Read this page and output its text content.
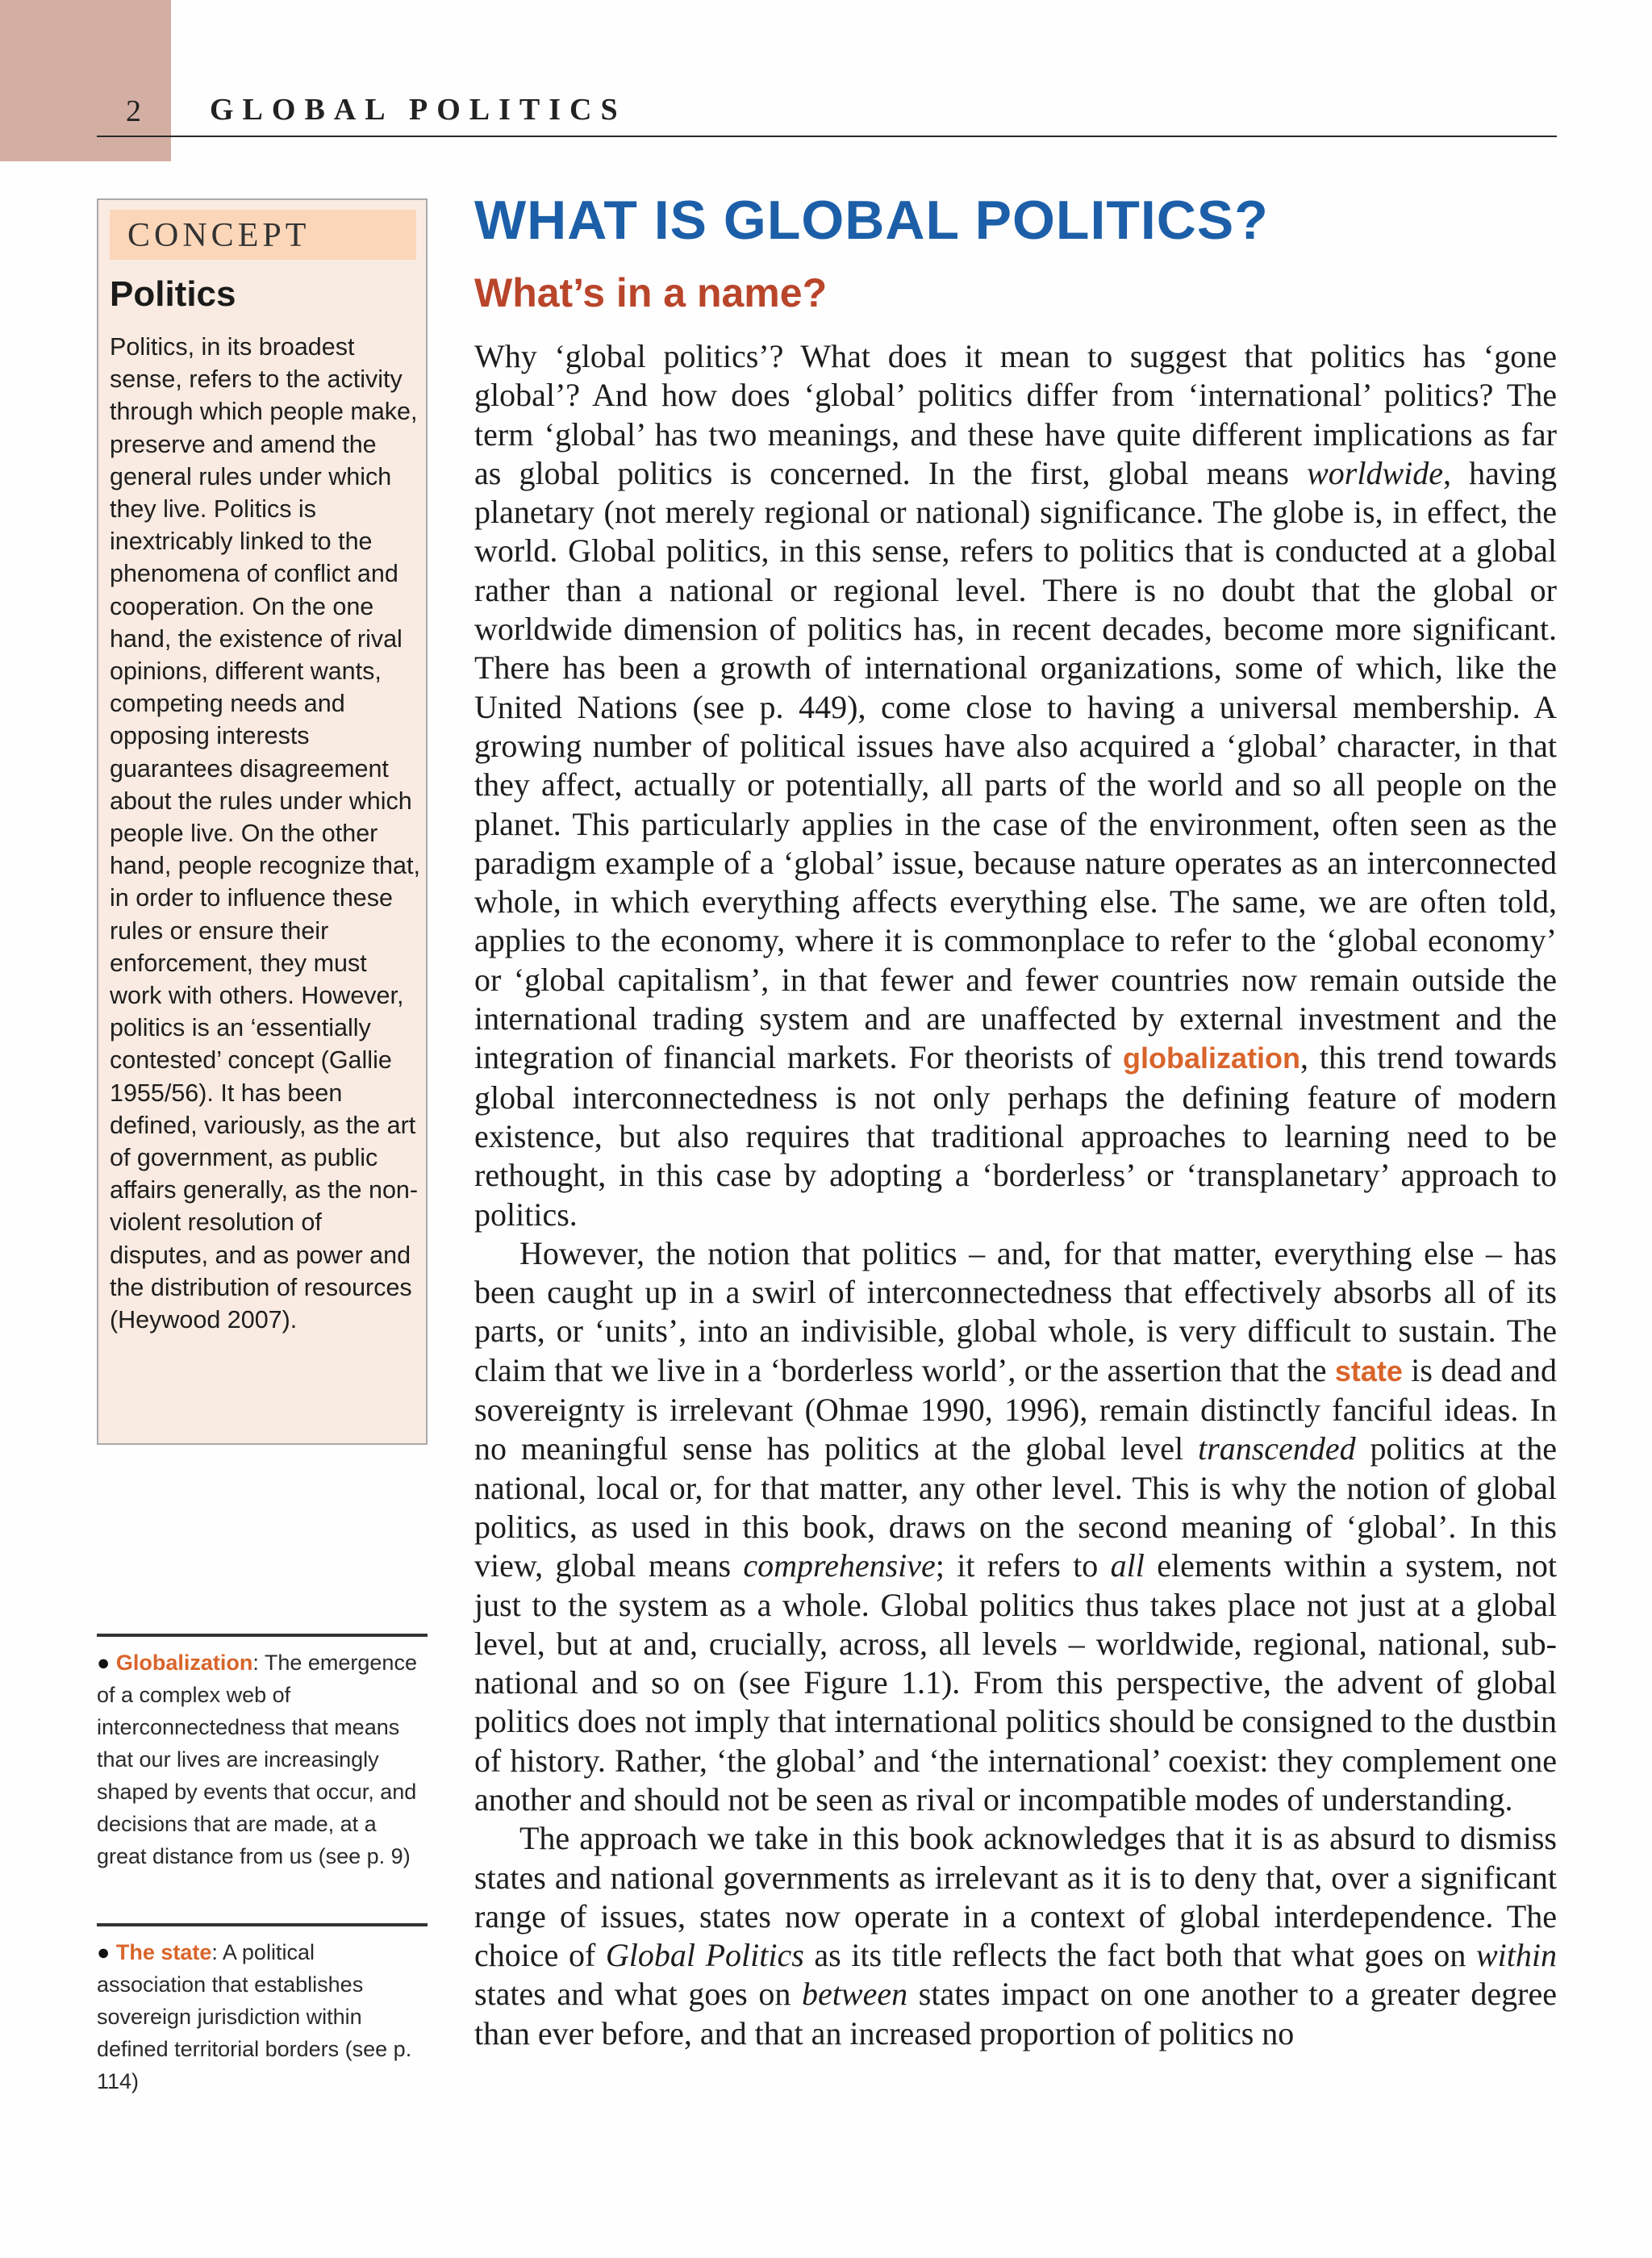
2 GLOBAL POLITICS
CONCEPT
Politics
Politics, in its broadest sense, refers to the activity through which people make, preserve and amend the general rules under which they live. Politics is inextricably linked to the phenomena of conflict and cooperation. On the one hand, the existence of rival opinions, different wants, competing needs and opposing interests guarantees disagreement about the rules under which people live. On the other hand, people recognize that, in order to influence these rules or ensure their enforcement, they must work with others. However, politics is an ‘essentially contested’ concept (Gallie 1955/56). It has been defined, variously, as the art of government, as public affairs generally, as the non-violent resolution of disputes, and as power and the distribution of resources (Heywood 2007).
● Globalization: The emergence of a complex web of interconnectedness that means that our lives are increasingly shaped by events that occur, and decisions that are made, at a great distance from us (see p. 9)
● The state: A political association that establishes sovereign jurisdiction within defined territorial borders (see p. 114)
WHAT IS GLOBAL POLITICS?
What’s in a name?

Why ‘global politics’? What does it mean to suggest that politics has ‘gone global’? And how does ‘global’ politics differ from ‘international’ politics? The term ‘global’ has two meanings, and these have quite different implications as far as global politics is concerned. In the first, global means worldwide, having planetary (not merely regional or national) significance. The globe is, in effect, the world. Global politics, in this sense, refers to politics that is conducted at a global rather than a national or regional level. There is no doubt that the global or worldwide dimension of politics has, in recent decades, become more significant. There has been a growth of international organizations, some of which, like the United Nations (see p. 449), come close to having a universal membership. A growing number of political issues have also acquired a ‘global’ character, in that they affect, actually or potentially, all parts of the world and so all people on the planet. This particularly applies in the case of the environment, often seen as the paradigm example of a ‘global’ issue, because nature operates as an interconnected whole, in which everything affects everything else. The same, we are often told, applies to the economy, where it is commonplace to refer to the ‘global economy’ or ‘global capitalism’, in that fewer and fewer countries now remain outside the international trading system and are unaffected by external investment and the integration of financial markets. For theorists of globalization, this trend towards global interconnectedness is not only perhaps the defining feature of modern existence, but also requires that traditional approaches to learning need to be rethought, in this case by adopting a ‘borderless’ or ‘transplanetary’ approach to politics.

However, the notion that politics – and, for that matter, everything else – has been caught up in a swirl of interconnectedness that effectively absorbs all of its parts, or ‘units’, into an indivisible, global whole, is very difficult to sustain. The claim that we live in a ‘borderless world’, or the assertion that the state is dead and sovereignty is irrelevant (Ohmae 1990, 1996), remain distinctly fanciful ideas. In no meaningful sense has politics at the global level transcended politics at the national, local or, for that matter, any other level. This is why the notion of global politics, as used in this book, draws on the second meaning of ‘global’. In this view, global means comprehensive; it refers to all elements within a system, not just to the system as a whole. Global politics thus takes place not just at a global level, but at and, crucially, across, all levels – worldwide, regional, national, sub-national and so on (see Figure 1.1). From this perspective, the advent of global politics does not imply that international politics should be consigned to the dustbin of history. Rather, ‘the global’ and ‘the international’ coexist: they complement one another and should not be seen as rival or incompatible modes of understanding.

The approach we take in this book acknowledges that it is as absurd to dismiss states and national governments as irrelevant as it is to deny that, over a significant range of issues, states now operate in a context of global interdependence. The choice of Global Politics as its title reflects the fact both that what goes on within states and what goes on between states impact on one another to a greater degree than ever before, and that an increased proportion of politics no
